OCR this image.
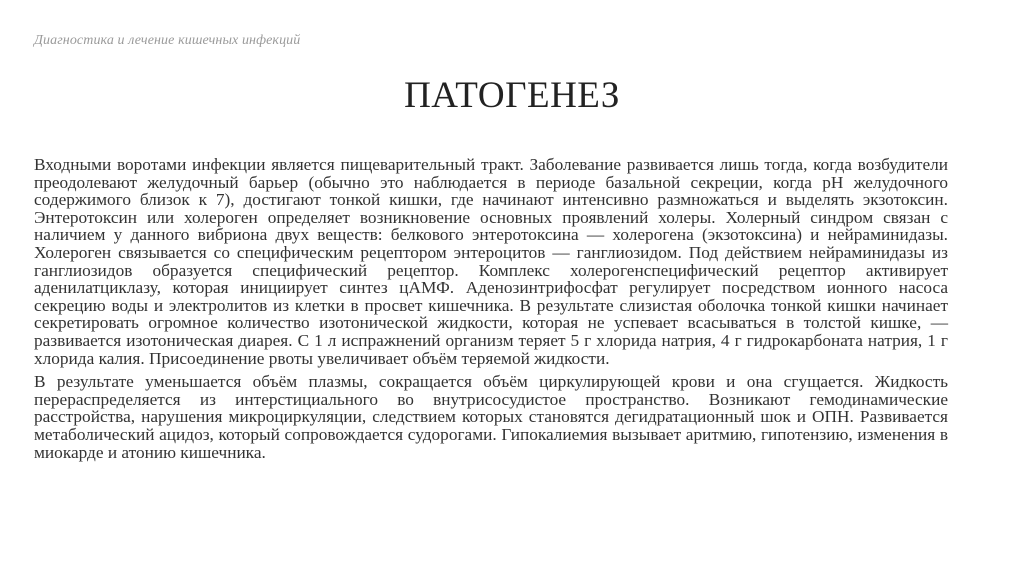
Диагностика и лечение кишечных инфекций
ПАТОГЕНЕЗ

Входными воротами инфекции является пищеварительный тракт. Заболевание развивается лишь тогда, когда возбудители преодолевают желудочный барьер (обычно это наблюдается в периоде базальной секреции, когда pH желудочного содержимого близок к 7), достигают тонкой кишки, где начинают интенсивно размножаться и выделять экзотоксин. Энтеротоксин или холероген определяет возникновение основных проявлений холеры. Холерный синдром связан с наличием у данного вибриона двух веществ: белкового энтеротоксина — холерогена (экзотоксина) и нейраминидазы. Холероген связывается со специфическим рецептором энтероцитов — ганглиозидом. Под действием нейраминидазы из ганглиозидов образуется специфический рецептор. Комплекс холерогенспецифический рецептор активирует аденилатциклазу, которая инициирует синтез цАМФ. Аденозинтрифосфат регулирует посредством ионного насоса секрецию воды и электролитов из клетки в просвет кишечника. В результате слизистая оболочка тонкой кишки начинает секретировать огромное количество изотонической жидкости, которая не успевает всасываться в толстой кишке, — развивается изотоническая диарея. С 1 л испражнений организм теряет 5 г хлорида натрия, 4 г гидрокарбоната натрия, 1 г хлорида калия. Присоединение рвоты увеличивает объём теряемой жидкости.

В результате уменьшается объём плазмы, сокращается объём циркулирующей крови и она сгущается. Жидкость перераспределяется из интерстициального во внутрисосудистое пространство. Возникают гемодинамические расстройства, нарушения микроциркуляции, следствием которых становятся дегидратационный шок и ОПН. Развивается метаболический ацидоз, который сопровождается судорогами. Гипокалиемия вызывает аритмию, гипотензию, изменения в миокарде и атонию кишечника.
